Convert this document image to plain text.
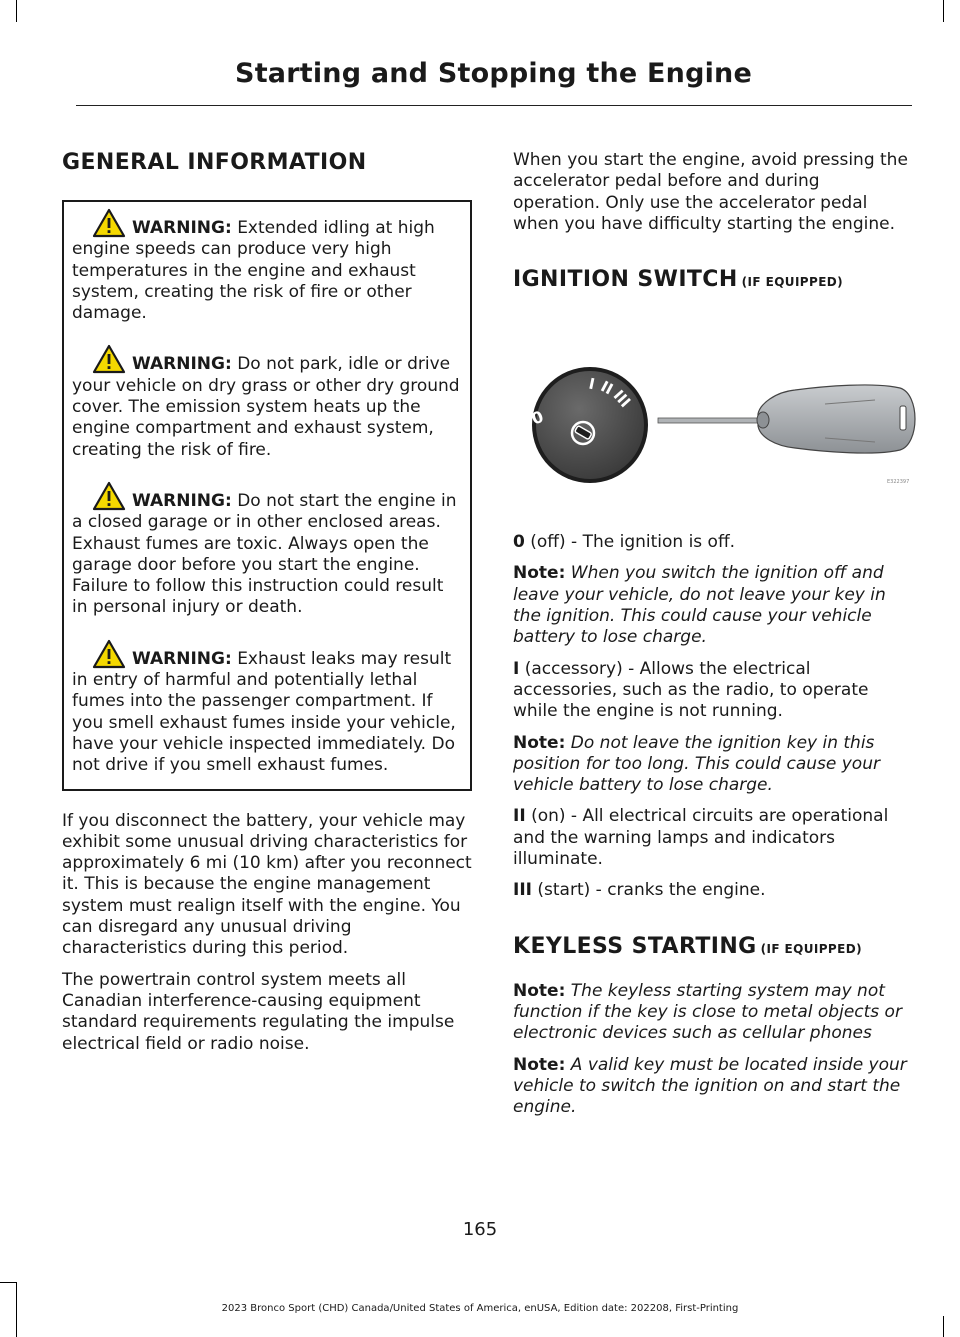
Starting and Stopping the Engine
GENERAL INFORMATION
WARNING: Extended idling at high engine speeds can produce very high temperatures in the engine and exhaust system, creating the risk of fire or other damage.
WARNING: Do not park, idle or drive your vehicle on dry grass or other dry ground cover. The emission system heats up the engine compartment and exhaust system, creating the risk of fire.
WARNING: Do not start the engine in a closed garage or in other enclosed areas. Exhaust fumes are toxic. Always open the garage door before you start the engine. Failure to follow this instruction could result in personal injury or death.
WARNING: Exhaust leaks may result in entry of harmful and potentially lethal fumes into the passenger compartment. If you smell exhaust fumes inside your vehicle, have your vehicle inspected immediately. Do not drive if you smell exhaust fumes.

If you disconnect the battery, your vehicle may exhibit some unusual driving characteristics for approximately 6 mi (10 km) after you reconnect it. This is because the engine management system must realign itself with the engine. You can disregard any unusual driving characteristics during this period.

The powertrain control system meets all Canadian interference-causing equipment standard requirements regulating the impulse electrical field or radio noise.

When you start the engine, avoid pressing the accelerator pedal before and during operation. Only use the accelerator pedal when you have difficulty starting the engine.

IGNITION SWITCH (IF EQUIPPED)

0 (off) - The ignition is off.

Note: When you switch the ignition off and leave your vehicle, do not leave your key in the ignition. This could cause your vehicle battery to lose charge.

I (accessory) - Allows the electrical accessories, such as the radio, to operate while the engine is not running.

Note: Do not leave the ignition key in this position for too long. This could cause your vehicle battery to lose charge.

II (on) - All electrical circuits are operational and the warning lamps and indicators illuminate.

III (start) - cranks the engine.

KEYLESS STARTING (IF EQUIPPED)

Note: The keyless starting system may not function if the key is close to metal objects or electronic devices such as cellular phones

Note: A valid key must be located inside your vehicle to switch the ignition on and start the engine.

0
I II
III
E322397
165
2023 Bronco Sport (CHD) Canada/United States of America, enUSA, Edition date: 202208, First-Printing
